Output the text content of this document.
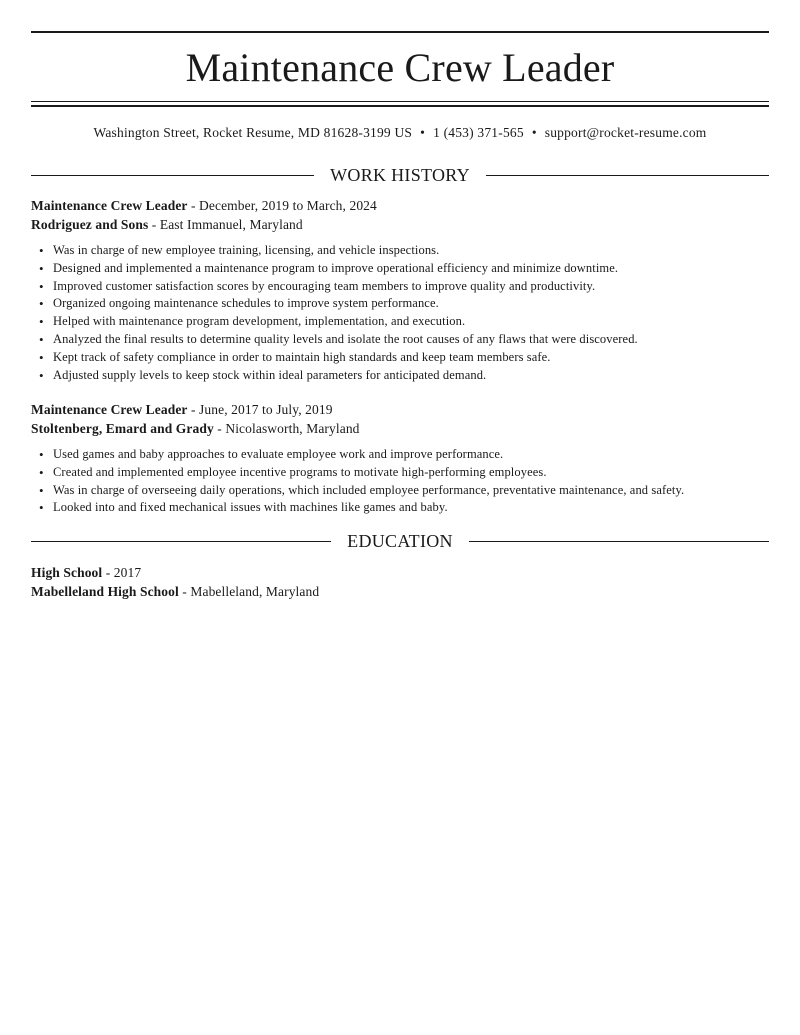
Maintenance Crew Leader
Washington Street, Rocket Resume, MD 81628-3199 US • 1 (453) 371-565 • support@rocket-resume.com
WORK HISTORY
Maintenance Crew Leader - December, 2019 to March, 2024
Rodriguez and Sons - East Immanuel, Maryland
• Was in charge of new employee training, licensing, and vehicle inspections.
• Designed and implemented a maintenance program to improve operational efficiency and minimize downtime.
• Improved customer satisfaction scores by encouraging team members to improve quality and productivity.
• Organized ongoing maintenance schedules to improve system performance.
• Helped with maintenance program development, implementation, and execution.
• Analyzed the final results to determine quality levels and isolate the root causes of any flaws that were discovered.
• Kept track of safety compliance in order to maintain high standards and keep team members safe.
• Adjusted supply levels to keep stock within ideal parameters for anticipated demand.
Maintenance Crew Leader - June, 2017 to July, 2019
Stoltenberg, Emard and Grady - Nicolasworth, Maryland
• Used games and baby approaches to evaluate employee work and improve performance.
• Created and implemented employee incentive programs to motivate high-performing employees.
• Was in charge of overseeing daily operations, which included employee performance, preventative maintenance, and safety.
• Looked into and fixed mechanical issues with machines like games and baby.
EDUCATION
High School - 2017
Mabelleland High School - Mabelleland, Maryland
